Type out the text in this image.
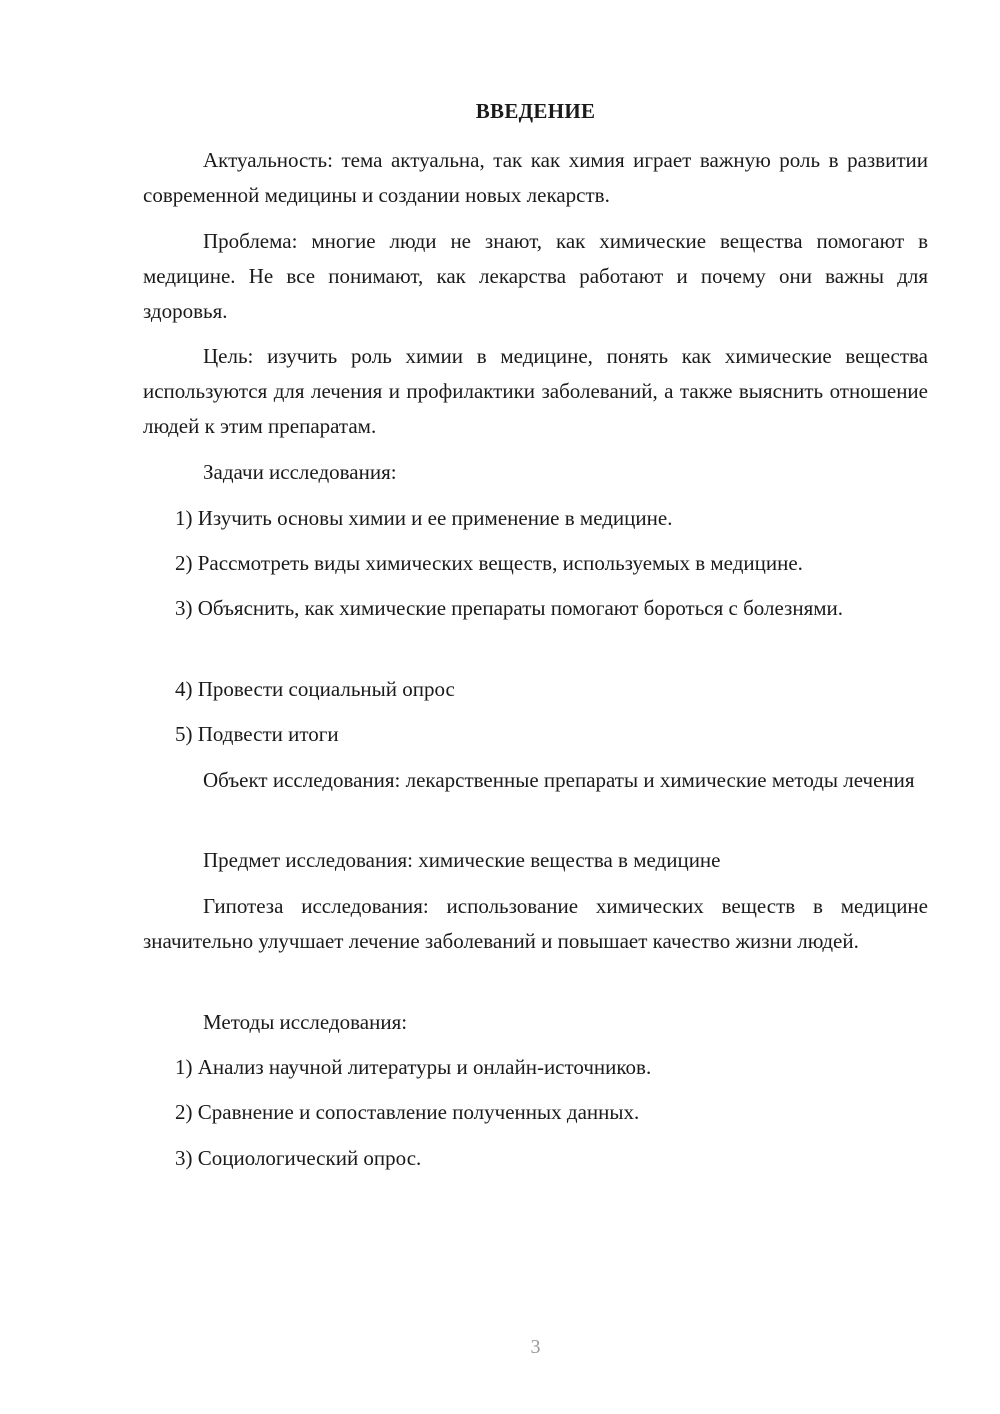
ВВЕДЕНИЕ

Актуальность: тема актуальна, так как химия играет важную роль в развитии современной медицины и создании новых лекарств.

Проблема: многие люди не знают, как химические вещества помогают в медицине. Не все понимают, как лекарства работают и почему они важны для здоровья.

Цель: изучить роль химии в медицине, понять как химические вещества используются для лечения и профилактики заболеваний, а также выяснить отношение людей к этим препаратам.

Задачи исследования:

1) Изучить основы химии и ее применение в медицине.

2) Рассмотреть виды химических веществ, используемых в медицине.

3) Объяснить, как химические препараты помогают бороться с болезнями.

4) Провести социальный опрос

5) Подвести итоги

Объект исследования: лекарственные препараты и химические методы лечения

Предмет исследования: химические вещества в медицине

Гипотеза исследования: использование химических веществ в медицине значительно улучшает лечение заболеваний и повышает качество жизни людей.

Методы исследования:

1) Анализ научной литературы и онлайн-источников.

2) Сравнение и сопоставление полученных данных.

3) Социологический опрос.

3
